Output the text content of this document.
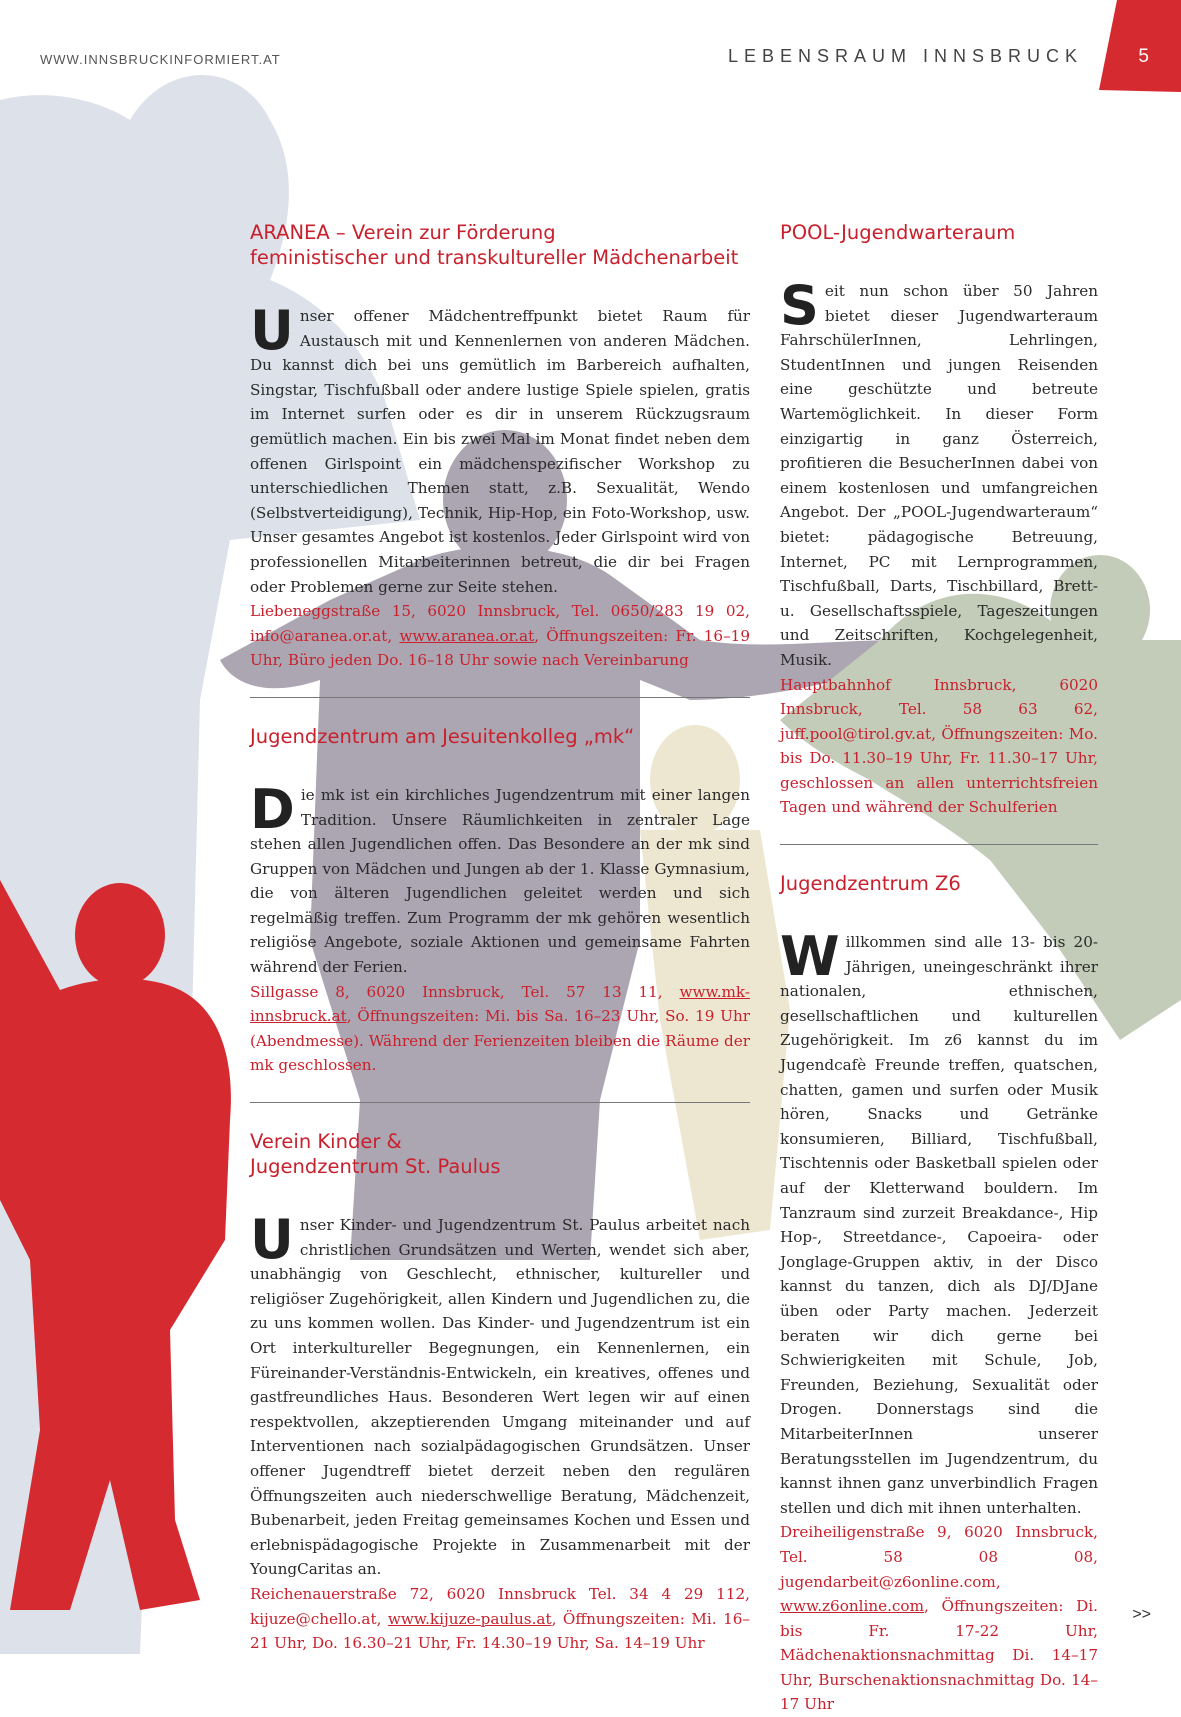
WWW.INNSBRUCKINFORMIERT.AT	LEBENSRAUM INNSBRUCK	5
ARANEA – Verein zur Förderung
feministischer und transkultureller Mädchenarbeit

Unser offener Mädchentreffpunkt bietet Raum für Austausch mit und Kennenlernen von anderen Mädchen. Du kannst dich bei uns gemütlich im Barbereich aufhalten, Singstar, Tischfußball oder andere lustige Spiele spielen, gratis im Internet surfen oder es dir in unserem Rückzugsraum gemütlich machen. Ein bis zwei Mal im Monat findet neben dem offenen Girlspoint ein mädchenspezifischer Workshop zu unterschiedlichen Themen statt, z.B. Sexualität, Wendo (Selbstverteidigung), Technik, Hip-Hop, ein Foto-Workshop, usw. Unser gesamtes Angebot ist kostenlos. Jeder Girlspoint wird von professionellen Mitarbeiterinnen betreut, die dir bei Fragen oder Problemen gerne zur Seite stehen.

Liebeneggstraße 15, 6020 Innsbruck, Tel. 0650/283 19 02, info@aranea.or.at, www.aranea.or.at, Öffnungszeiten: Fr. 16–19 Uhr, Büro jeden Do. 16–18 Uhr sowie nach Vereinbarung

Jugendzentrum am Jesuitenkolleg „mk“

Die mk ist ein kirchliches Jugendzentrum mit einer langen Tradition. Unsere Räumlichkeiten in zentraler Lage stehen allen Jugendlichen offen. Das Besondere an der mk sind Gruppen von Mädchen und Jungen ab der 1. Klasse Gymnasium, die von älteren Jugendlichen geleitet werden und sich regelmäßig treffen. Zum Programm der mk gehören wesentlich religiöse Angebote, soziale Aktionen und gemeinsame Fahrten während der Ferien.

Sillgasse 8, 6020 Innsbruck, Tel. 57 13 11, www.mk-innsbruck.at, Öffnungszeiten: Mi. bis Sa. 16–23 Uhr, So. 19 Uhr (Abendmesse). Während der Ferienzeiten bleiben die Räume der mk geschlossen.

Verein Kinder &
Jugendzentrum St. Paulus

Unser Kinder- und Jugendzentrum St. Paulus arbeitet nach christlichen Grundsätzen und Werten, wendet sich aber, unabhängig von Geschlecht, ethnischer, kultureller und religiöser Zugehörigkeit, allen Kindern und Jugendlichen zu, die zu uns kommen wollen. Das Kinder- und Jugendzentrum ist ein Ort interkultureller Begegnungen, ein Kennenlernen, ein Füreinander-Verständnis-Entwickeln, ein kreatives, offenes und gastfreundliches Haus. Besonderen Wert legen wir auf einen respektvollen, akzeptierenden Umgang miteinander und auf Interventionen nach sozialpädagogischen Grundsätzen. Unser offener Jugendtreff bietet derzeit neben den regulären Öffnungszeiten auch niederschwellige Beratung, Mädchenzeit, Bubenarbeit, jeden Freitag gemeinsames Kochen und Essen und erlebnispädagogische Projekte in Zusammenarbeit mit der YoungCaritas an.

Reichenauerstraße 72, 6020 Innsbruck Tel. 34 4 29 112, kijuze@chello.at, www.kijuze-paulus.at, Öffnungszeiten: Mi. 16–21 Uhr, Do. 16.30–21 Uhr, Fr. 14.30–19 Uhr, Sa. 14–19 Uhr

POOL-Jugendwarteraum

Seit nun schon über 50 Jahren bietet dieser Jugendwarteraum FahrschülerInnen, Lehrlingen, StudentInnen und jungen Reisenden eine geschützte und betreute Wartemöglichkeit. In dieser Form einzigartig in ganz Österreich, profitieren die BesucherInnen dabei von einem kostenlosen und umfangreichen Angebot. Der „POOL-Jugendwarteraum“ bietet: pädagogische Betreuung, Internet, PC mit Lernprogrammen, Tischfußball, Darts, Tischbillard, Brett- u. Gesellschaftsspiele, Tageszeitungen und Zeitschriften, Kochgelegenheit, Musik.

Hauptbahnhof Innsbruck, 6020 Innsbruck, Tel. 58 63 62, juff.pool@tirol.gv.at, Öffnungszeiten: Mo. bis Do. 11.30–19 Uhr, Fr. 11.30–17 Uhr, geschlossen an allen unterrichtsfreien Tagen und während der Schulferien

Jugendzentrum Z6

Willkommen sind alle 13- bis 20-Jährigen, uneingeschränkt ihrer nationalen, ethnischen, gesellschaftlichen und kulturellen Zugehörigkeit. Im z6 kannst du im Jugendcafè Freunde treffen, quatschen, chatten, gamen und surfen oder Musik hören, Snacks und Getränke konsumieren, Billiard, Tischfußball, Tischtennis oder Basketball spielen oder auf der Kletterwand bouldern. Im Tanzraum sind zurzeit Breakdance-, Hip Hop-, Streetdance-, Capoeira- oder Jonglage-Gruppen aktiv, in der Disco kannst du tanzen, dich als DJ/DJane üben oder Party machen. Jederzeit beraten wir dich gerne bei Schwierigkeiten mit Schule, Job, Freunden, Beziehung, Sexualität oder Drogen. Donnerstags sind die MitarbeiterInnen unserer Beratungsstellen im Jugendzentrum, du kannst ihnen ganz unverbindlich Fragen stellen und dich mit ihnen unterhalten.

Dreiheiligenstraße 9, 6020 Innsbruck, Tel. 58 08 08, jugendarbeit@z6online.com, www.z6online.com, Öffnungszeiten: Di. bis Fr. 17-22 Uhr, Mädchenaktionsnachmittag Di. 14–17 Uhr, Burschenaktionsnachmittag Do. 14–17 Uhr

>>
